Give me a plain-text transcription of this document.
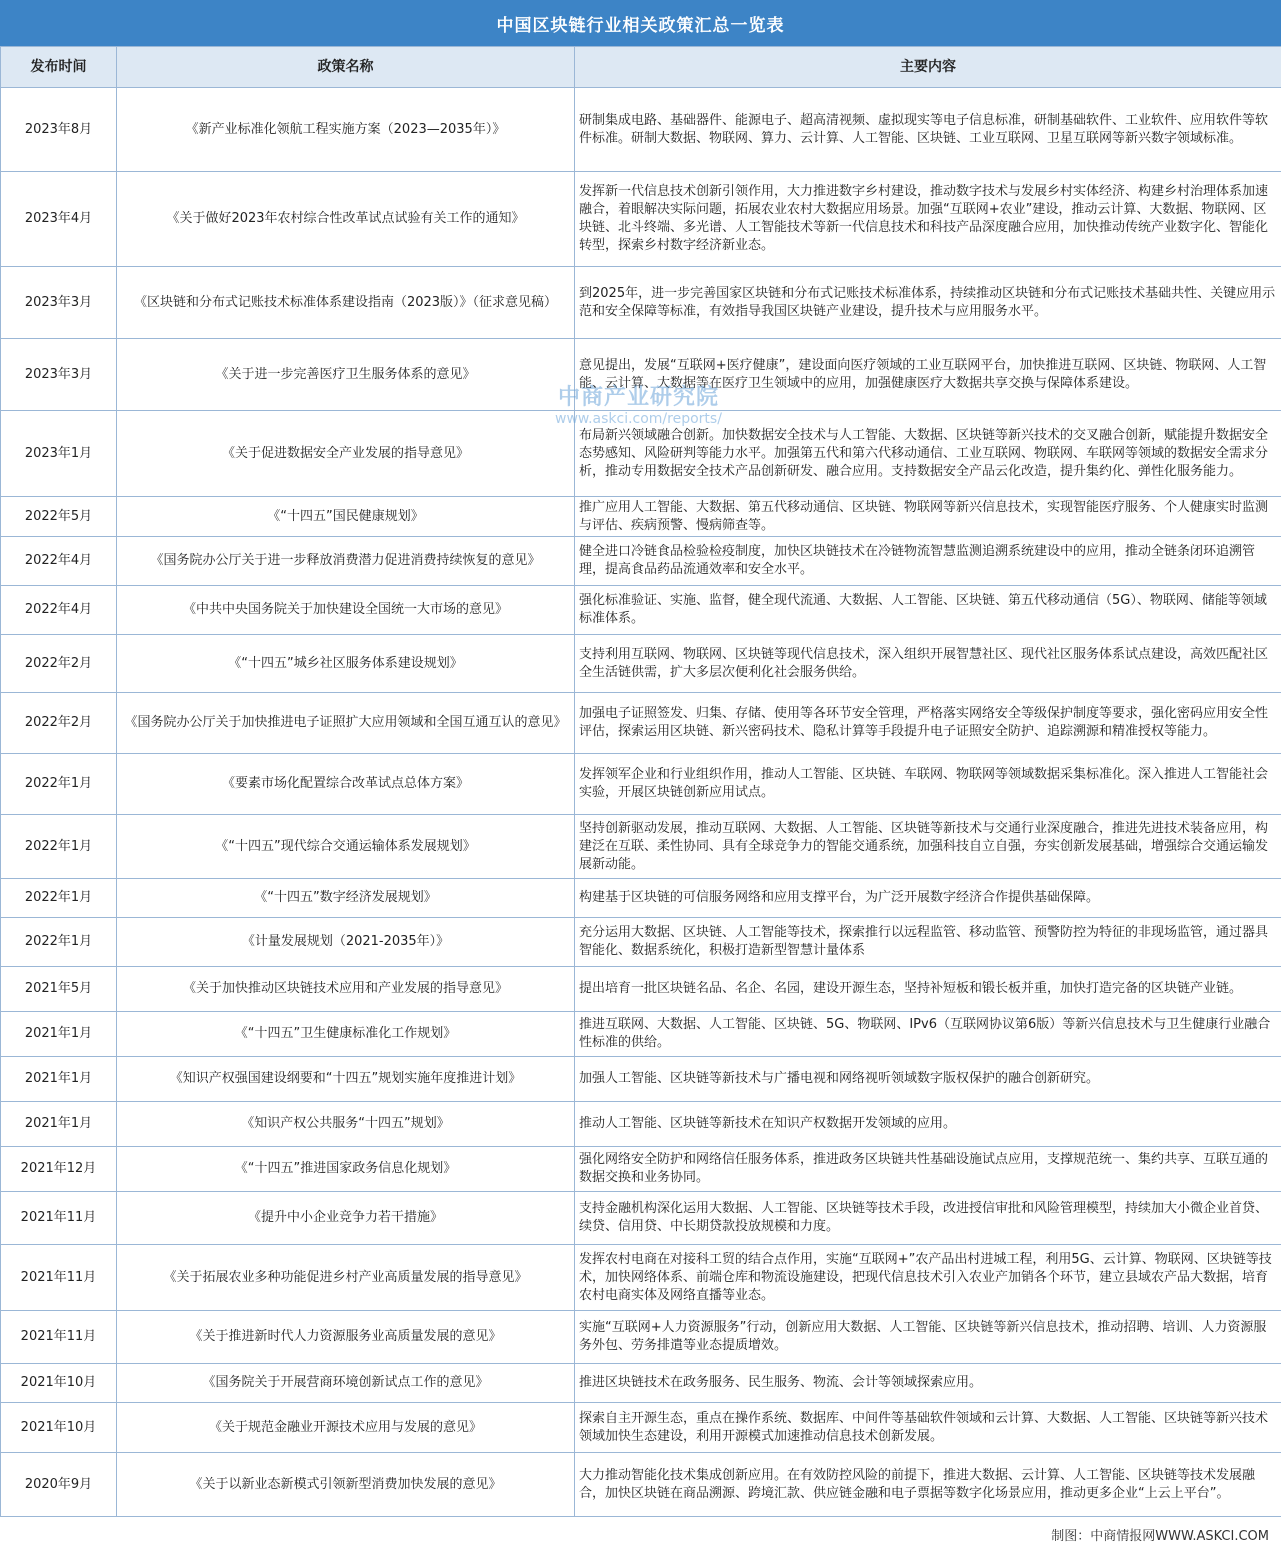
中国区块链行业相关政策汇总一览表
发布时间	政策名称	主要内容
2023年8月	《新产业标准化领航工程实施方案（2023—2035年）》	研制集成电路、基础器件、能源电子、超高清视频、虚拟现实等电子信息标准，研制基础软件、工业软件、应用软件等软件标准。研制大数据、物联网、算力、云计算、人工智能、区块链、工业互联网、卫星互联网等新兴数字领域标准。
2023年4月	《关于做好2023年农村综合性改革试点试验有关工作的通知》	发挥新一代信息技术创新引领作用，大力推进数字乡村建设，推动数字技术与发展乡村实体经济、构建乡村治理体系加速融合，着眼解决实际问题，拓展农业农村大数据应用场景。加强“互联网+农业”建设，推动云计算、大数据、物联网、区块链、北斗终端、多光谱、人工智能技术等新一代信息技术和科技产品深度融合应用，加快推动传统产业数字化、智能化转型，探索乡村数字经济新业态。
2023年3月	《区块链和分布式记账技术标准体系建设指南（2023版）》（征求意见稿）	到2025年，进一步完善国家区块链和分布式记账技术标准体系，持续推动区块链和分布式记账技术基础共性、关键应用示范和安全保障等标准，有效指导我国区块链产业建设，提升技术与应用服务水平。
2023年3月	《关于进一步完善医疗卫生服务体系的意见》	意见提出，发展“互联网+医疗健康”，建设面向医疗领域的工业互联网平台，加快推进互联网、区块链、物联网、人工智能、云计算、大数据等在医疗卫生领域中的应用，加强健康医疗大数据共享交换与保障体系建设。
2023年1月	《关于促进数据安全产业发展的指导意见》	布局新兴领域融合创新。加快数据安全技术与人工智能、大数据、区块链等新兴技术的交叉融合创新，赋能提升数据安全态势感知、风险研判等能力水平。加强第五代和第六代移动通信、工业互联网、物联网、车联网等领域的数据安全需求分析，推动专用数据安全技术产品创新研发、融合应用。支持数据安全产品云化改造，提升集约化、弹性化服务能力。
2022年5月	《“十四五”国民健康规划》	推广应用人工智能、大数据、第五代移动通信、区块链、物联网等新兴信息技术，实现智能医疗服务、个人健康实时监测与评估、疾病预警、慢病筛查等。
2022年4月	《国务院办公厅关于进一步释放消费潜力促进消费持续恢复的意见》	健全进口冷链食品检验检疫制度，加快区块链技术在冷链物流智慧监测追溯系统建设中的应用，推动全链条闭环追溯管理，提高食品药品流通效率和安全水平。
2022年4月	《中共中央国务院关于加快建设全国统一大市场的意见》	强化标准验证、实施、监督，健全现代流通、大数据、人工智能、区块链、第五代移动通信（5G）、物联网、储能等领域标准体系。
2022年2月	《“十四五”城乡社区服务体系建设规划》	支持利用互联网、物联网、区块链等现代信息技术，深入组织开展智慧社区、现代社区服务体系试点建设，高效匹配社区全生活链供需，扩大多层次便利化社会服务供给。
2022年2月	《国务院办公厅关于加快推进电子证照扩大应用领域和全国互通互认的意见》	加强电子证照签发、归集、存储、使用等各环节安全管理，严格落实网络安全等级保护制度等要求，强化密码应用安全性评估，探索运用区块链、新兴密码技术、隐私计算等手段提升电子证照安全防护、追踪溯源和精准授权等能力。
2022年1月	《要素市场化配置综合改革试点总体方案》	发挥领军企业和行业组织作用，推动人工智能、区块链、车联网、物联网等领域数据采集标准化。深入推进人工智能社会实验，开展区块链创新应用试点。
2022年1月	《“十四五”现代综合交通运输体系发展规划》	坚持创新驱动发展，推动互联网、大数据、人工智能、区块链等新技术与交通行业深度融合，推进先进技术装备应用，构建泛在互联、柔性协同、具有全球竞争力的智能交通系统，加强科技自立自强，夯实创新发展基础，增强综合交通运输发展新动能。
2022年1月	《“十四五”数字经济发展规划》	构建基于区块链的可信服务网络和应用支撑平台，为广泛开展数字经济合作提供基础保障。
2022年1月	《计量发展规划（2021-2035年）》	充分运用大数据、区块链、人工智能等技术，探索推行以远程监管、移动监管、预警防控为特征的非现场监管，通过器具智能化、数据系统化，积极打造新型智慧计量体系
2021年5月	《关于加快推动区块链技术应用和产业发展的指导意见》	提出培育一批区块链名品、名企、名园，建设开源生态，坚持补短板和锻长板并重，加快打造完备的区块链产业链。
2021年1月	《“十四五”卫生健康标准化工作规划》	推进互联网、大数据、人工智能、区块链、5G、物联网、IPv6（互联网协议第6版）等新兴信息技术与卫生健康行业融合性标准的供给。
2021年1月	《知识产权强国建设纲要和“十四五”规划实施年度推进计划》	加强人工智能、区块链等新技术与广播电视和网络视听领域数字版权保护的融合创新研究。
2021年1月	《知识产权公共服务“十四五”规划》	推动人工智能、区块链等新技术在知识产权数据开发领域的应用。
2021年12月	《“十四五”推进国家政务信息化规划》	强化网络安全防护和网络信任服务体系，推进政务区块链共性基础设施试点应用，支撑规范统一、集约共享、互联互通的数据交换和业务协同。
2021年11月	《提升中小企业竞争力若干措施》	支持金融机构深化运用大数据、人工智能、区块链等技术手段，改进授信审批和风险管理模型，持续加大小微企业首贷、续贷、信用贷、中长期贷款投放规模和力度。
2021年11月	《关于拓展农业多种功能促进乡村产业高质量发展的指导意见》	发挥农村电商在对接科工贸的结合点作用，实施“互联网+”农产品出村进城工程，利用5G、云计算、物联网、区块链等技术，加快网络体系、前端仓库和物流设施建设，把现代信息技术引入农业产加销各个环节，建立县域农产品大数据，培育农村电商实体及网络直播等业态。
2021年11月	《关于推进新时代人力资源服务业高质量发展的意见》	实施“互联网+人力资源服务”行动，创新应用大数据、人工智能、区块链等新兴信息技术，推动招聘、培训、人力资源服务外包、劳务排遣等业态提质增效。
2021年10月	《国务院关于开展营商环境创新试点工作的意见》	推进区块链技术在政务服务、民生服务、物流、会计等领域探索应用。
2021年10月	《关于规范金融业开源技术应用与发展的意见》	探索自主开源生态，重点在操作系统、数据库、中间件等基础软件领域和云计算、大数据、人工智能、区块链等新兴技术领域加快生态建设，利用开源模式加速推动信息技术创新发展。
2020年9月	《关于以新业态新模式引领新型消费加快发展的意见》	大力推动智能化技术集成创新应用。在有效防控风险的前提下，推进大数据、云计算、人工智能、区块链等技术发展融合，加快区块链在商品溯源、跨境汇款、供应链金融和电子票据等数字化场景应用，推动更多企业“上云上平台”。
制图：中商情报网WWW.ASKCI.COM
中商产业研究院
www.askci.com/reports/
